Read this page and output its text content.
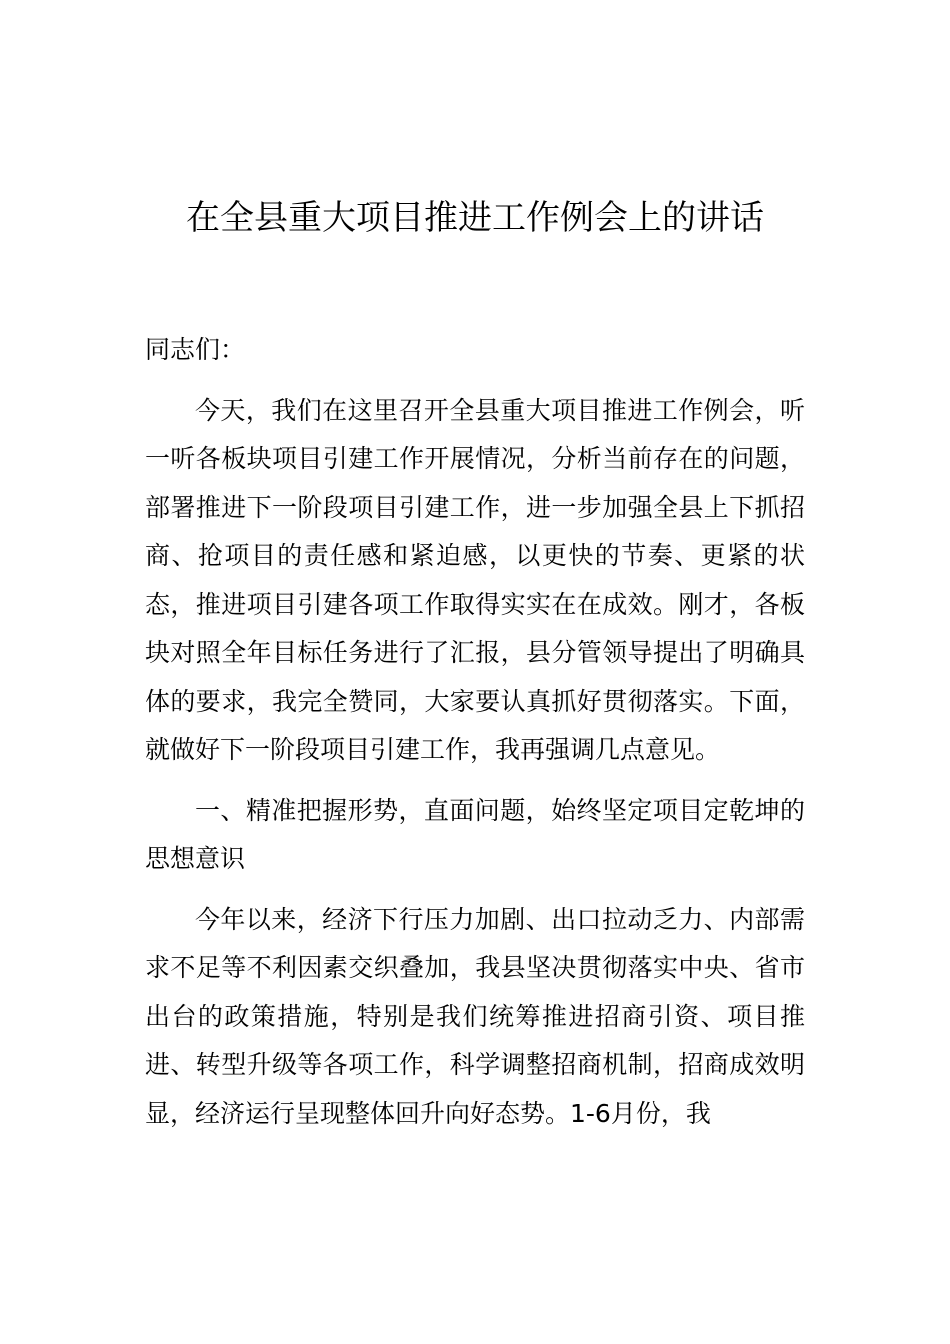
在全县重大项目推进工作例会上的讲话

同志们：

今天，我们在这里召开全县重大项目推进工作例会，听一听各板块项目引建工作开展情况，分析当前存在的问题，部署推进下一阶段项目引建工作，进一步加强全县上下抓招商、抢项目的责任感和紧迫感，以更快的节奏、更紧的状态，推进项目引建各项工作取得实实在在成效。刚才，各板块对照全年目标任务进行了汇报，县分管领导提出了明确具体的要求，我完全赞同，大家要认真抓好贯彻落实。下面，就做好下一阶段项目引建工作，我再强调几点意见。

一、精准把握形势，直面问题，始终坚定项目定乾坤的思想意识

今年以来，经济下行压力加剧、出口拉动乏力、内部需求不足等不利因素交织叠加，我县坚决贯彻落实中央、省市出台的政策措施，特别是我们统筹推进招商引资、项目推进、转型升级等各项工作，科学调整招商机制，招商成效明显，经济运行呈现整体回升向好态势。1-6月份，我
